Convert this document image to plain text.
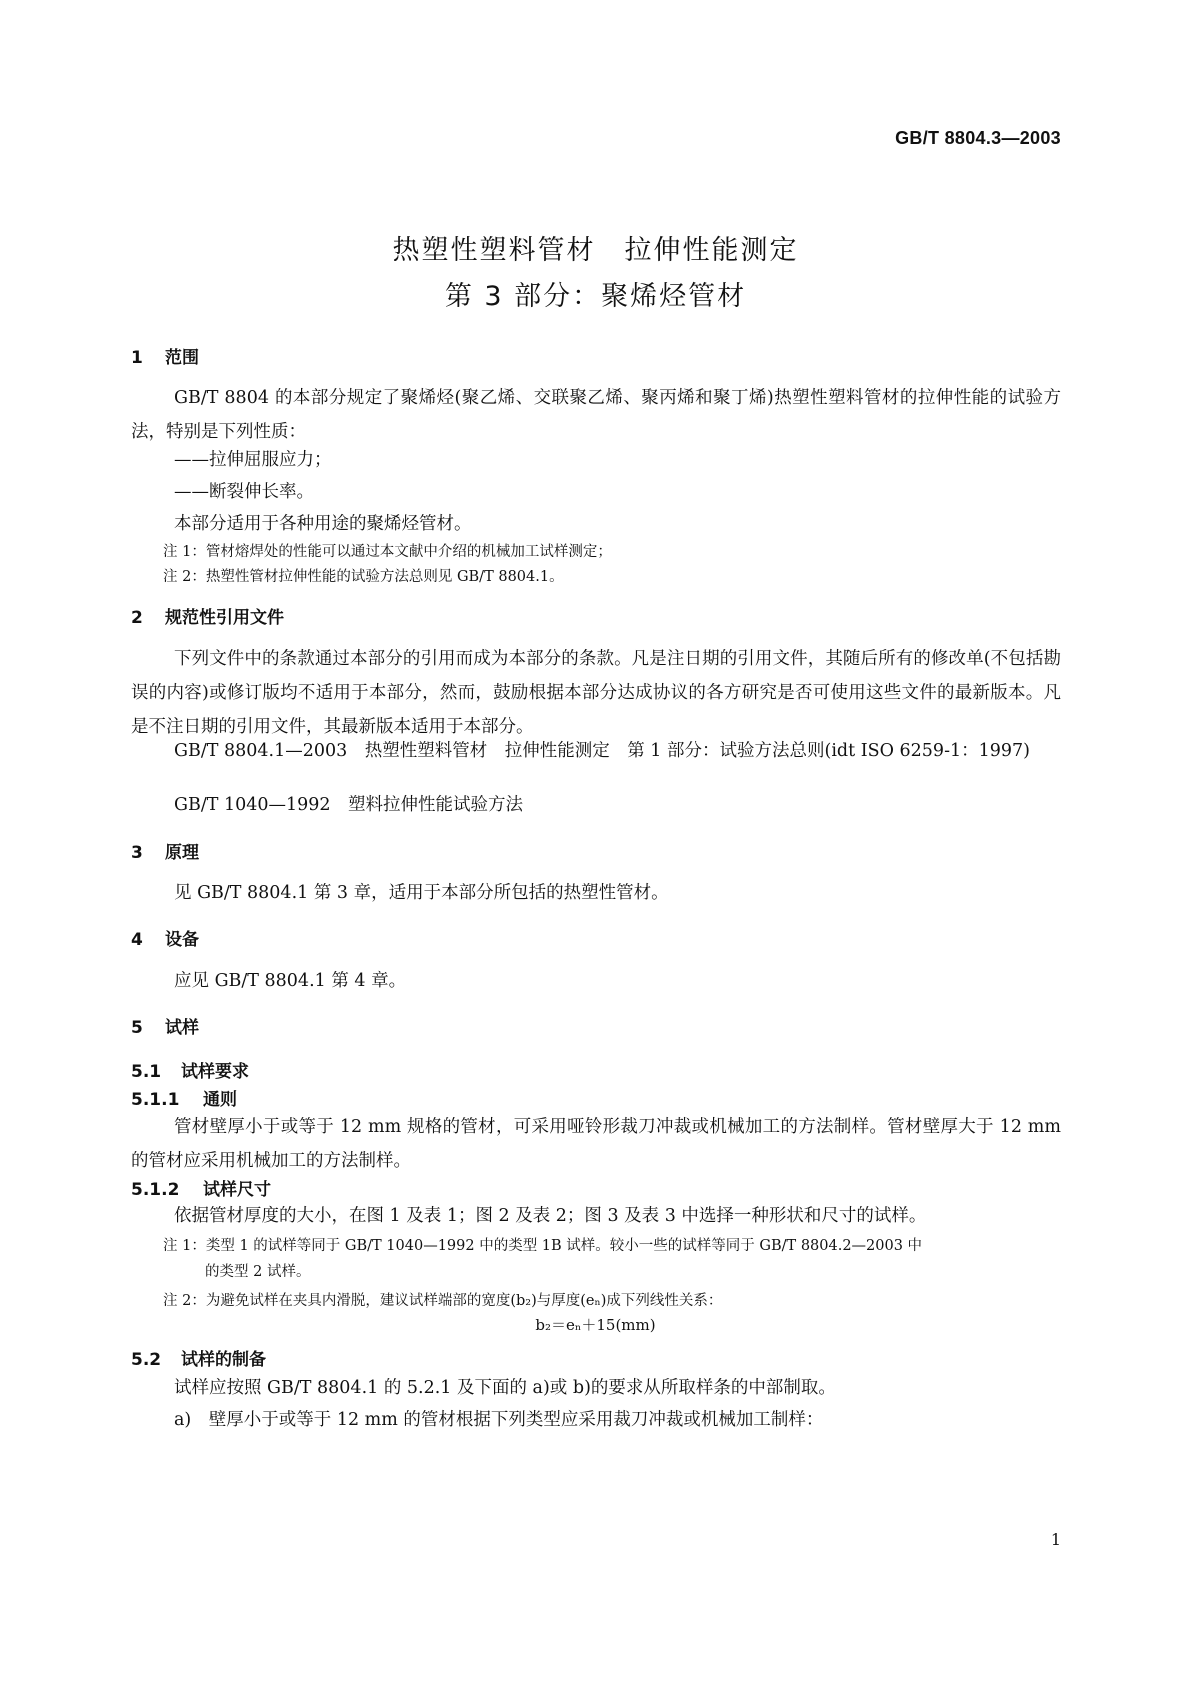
GB/T 8804.3—2003
热塑性塑料管材　拉伸性能测定
第 3 部分：聚烯烃管材
1 范围
GB/T 8804 的本部分规定了聚烯烃(聚乙烯、交联聚乙烯、聚丙烯和聚丁烯)热塑性塑料管材的拉伸性能的试验方法，特别是下列性质：
——拉伸屈服应力；
——断裂伸长率。
本部分适用于各种用途的聚烯烃管材。
注 1：管材熔焊处的性能可以通过本文献中介绍的机械加工试样测定；
注 2：热塑性管材拉伸性能的试验方法总则见 GB/T 8804.1。
2 规范性引用文件
下列文件中的条款通过本部分的引用而成为本部分的条款。凡是注日期的引用文件，其随后所有的修改单(不包括勘误的内容)或修订版均不适用于本部分，然而，鼓励根据本部分达成协议的各方研究是否可使用这些文件的最新版本。凡是不注日期的引用文件，其最新版本适用于本部分。
GB/T 8804.1—2003　热塑性塑料管材　拉伸性能测定　第 1 部分：试验方法总则(idt ISO 6259-1：1997)
GB/T 1040—1992　塑料拉伸性能试验方法
3 原理
见 GB/T 8804.1 第 3 章，适用于本部分所包括的热塑性管材。
4 设备
应见 GB/T 8804.1 第 4 章。
5 试样
5.1 试样要求
5.1.1 通则
管材壁厚小于或等于 12 mm 规格的管材，可采用哑铃形裁刀冲裁或机械加工的方法制样。管材壁厚大于 12 mm 的管材应采用机械加工的方法制样。
5.1.2 试样尺寸
依据管材厚度的大小，在图 1 及表 1；图 2 及表 2；图 3 及表 3 中选择一种形状和尺寸的试样。
注 1：类型 1 的试样等同于 GB/T 1040—1992 中的类型 1B 试样。较小一些的试样等同于 GB/T 8804.2—2003 中
的类型 2 试样。
注 2：为避免试样在夹具内滑脱，建议试样端部的宽度(b₂)与厚度(eₙ)成下列线性关系：
b₂＝eₙ＋15(mm)
5.2 试样的制备
试样应按照 GB/T 8804.1 的 5.2.1 及下面的 a)或 b)的要求从所取样条的中部制取。
a)　壁厚小于或等于 12 mm 的管材根据下列类型应采用裁刀冲裁或机械加工制样：
1
